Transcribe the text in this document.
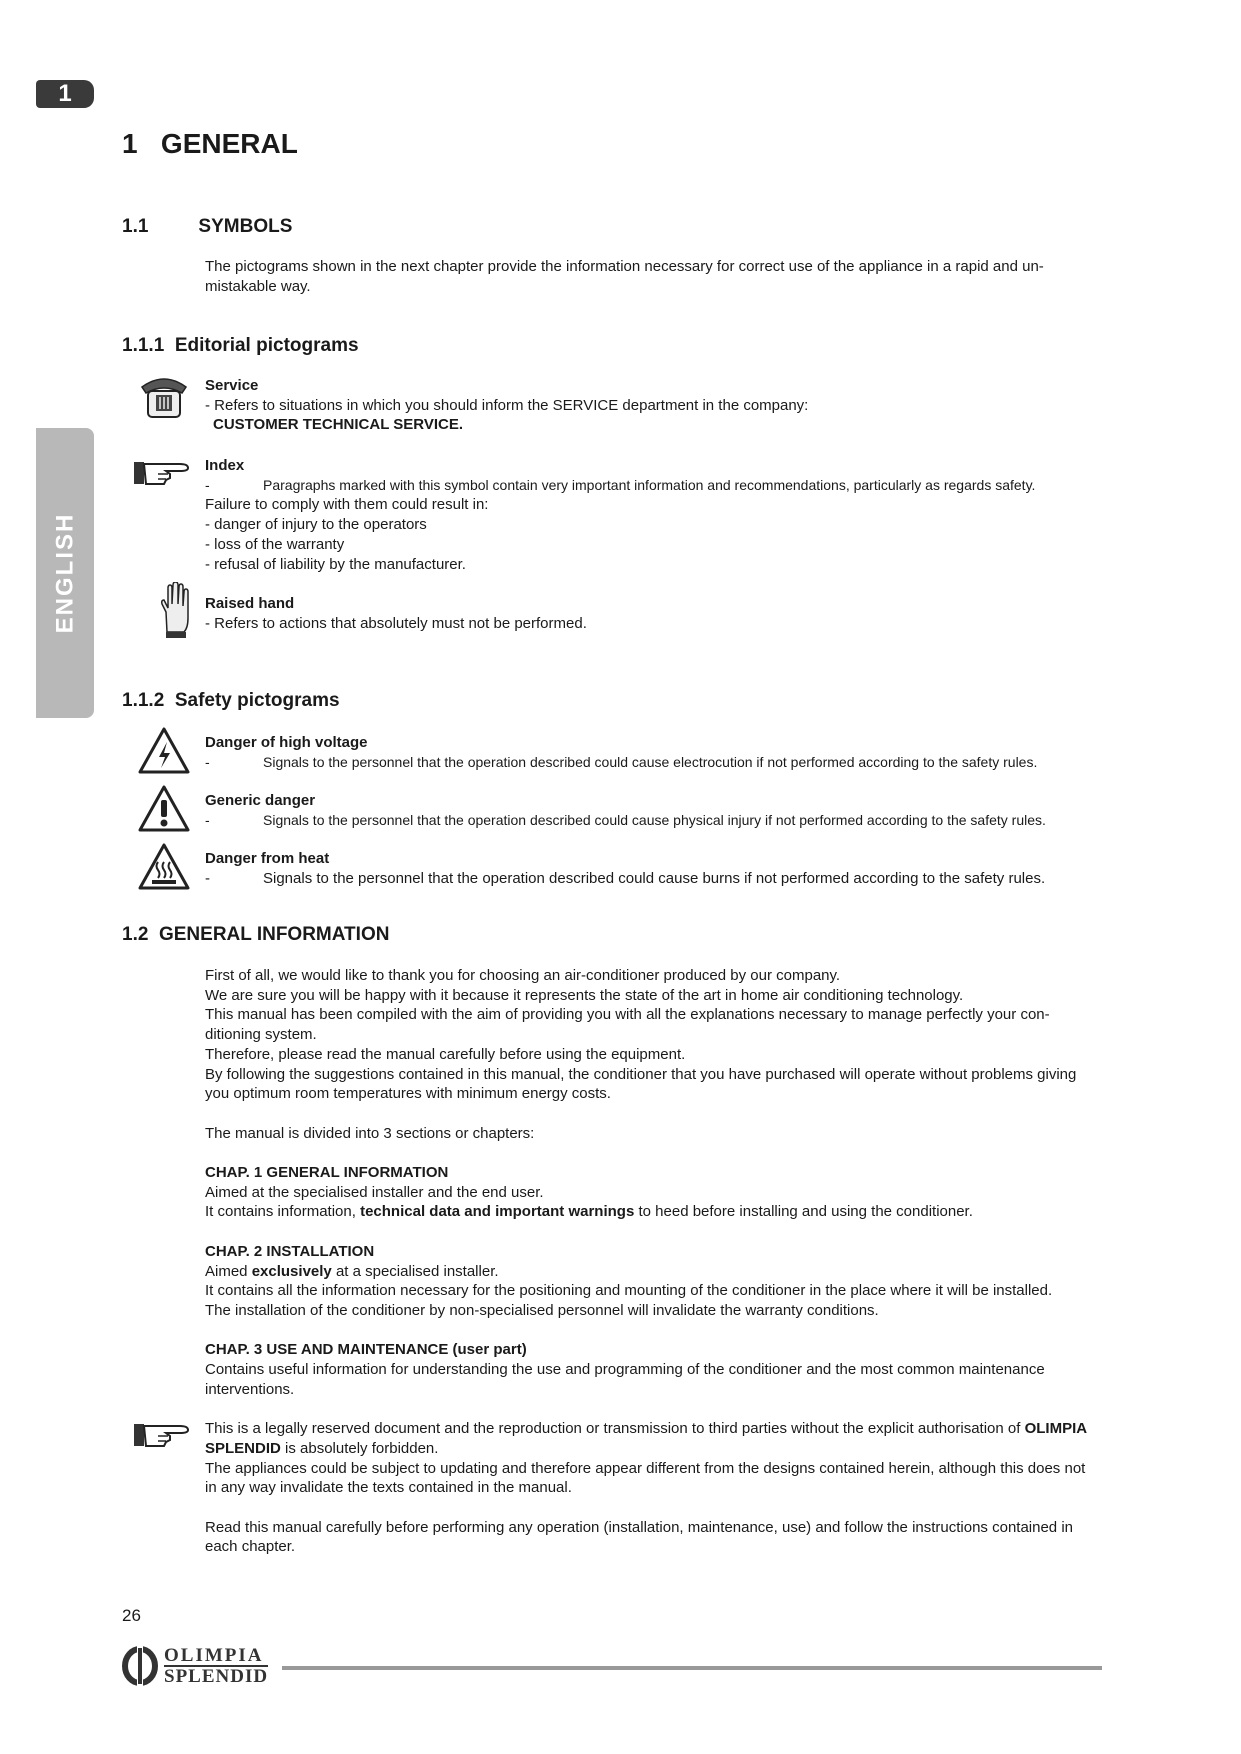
1
ENGLISH
1 GENERAL
1.1	SYMBOLS
The pictograms shown in the next chapter provide the information necessary for correct use of the appliance in a rapid and un-mistakable way.
1.1.1 Editorial pictograms
Service
- Refers to situations in which you should inform the SERVICE department in the company:
CUSTOMER TECHNICAL SERVICE.
Index
-	Paragraphs marked with this symbol contain very important information and recommendations, particularly as regards safety.
Failure to comply with them could result in:
- danger of injury to the operators
- loss of the warranty
- refusal of liability by the manufacturer.
Raised hand
- Refers to actions that absolutely must not be performed.
1.1.2 Safety pictograms
Danger of high voltage
-	Signals to the personnel that the operation described could cause electrocution if not performed according to the safety rules.
Generic danger
-	Signals to the personnel that the operation described could cause physical injury if not performed according to the safety rules.
Danger from heat
-	Signals to the personnel that the operation described could cause burns if not performed according to the safety rules.
1.2 GENERAL INFORMATION
First of all, we would like to thank you for choosing an air-conditioner produced by our company.
We are sure you will be happy with it because it represents the state of the art in home air conditioning technology.
This manual has been compiled with the aim of providing you with all the explanations necessary to manage perfectly your con-ditioning system.
Therefore, please read the manual carefully before using the equipment.
By following the suggestions contained in this manual, the conditioner that you have purchased will operate without problems giving you optimum room temperatures with minimum energy costs.
The manual is divided into 3 sections or chapters:
CHAP. 1 GENERAL INFORMATION
Aimed at the specialised installer and the end user.
It contains information, technical data and important warnings to heed before installing and using the conditioner.
CHAP. 2 INSTALLATION
Aimed exclusively at a specialised installer.
It contains all the information necessary for the positioning and mounting of the conditioner in the place where it will be installed.
The installation of the conditioner by non-specialised personnel will invalidate the warranty conditions.
CHAP. 3 USE AND MAINTENANCE (user part)
Contains useful information for understanding the use and programming of the conditioner and the most common maintenance interventions.
This is a legally reserved document and the reproduction or transmission to third parties without the explicit authorisation of OLIMPIA SPLENDID is absolutely forbidden.
The appliances could be subject to updating and therefore appear different from the designs contained herein, although this does not in any way invalidate the texts contained in the manual.
Read this manual carefully before performing any operation (installation, maintenance, use) and follow the instructions contained in each chapter.
26
OLIMPIA
SPLENDID
